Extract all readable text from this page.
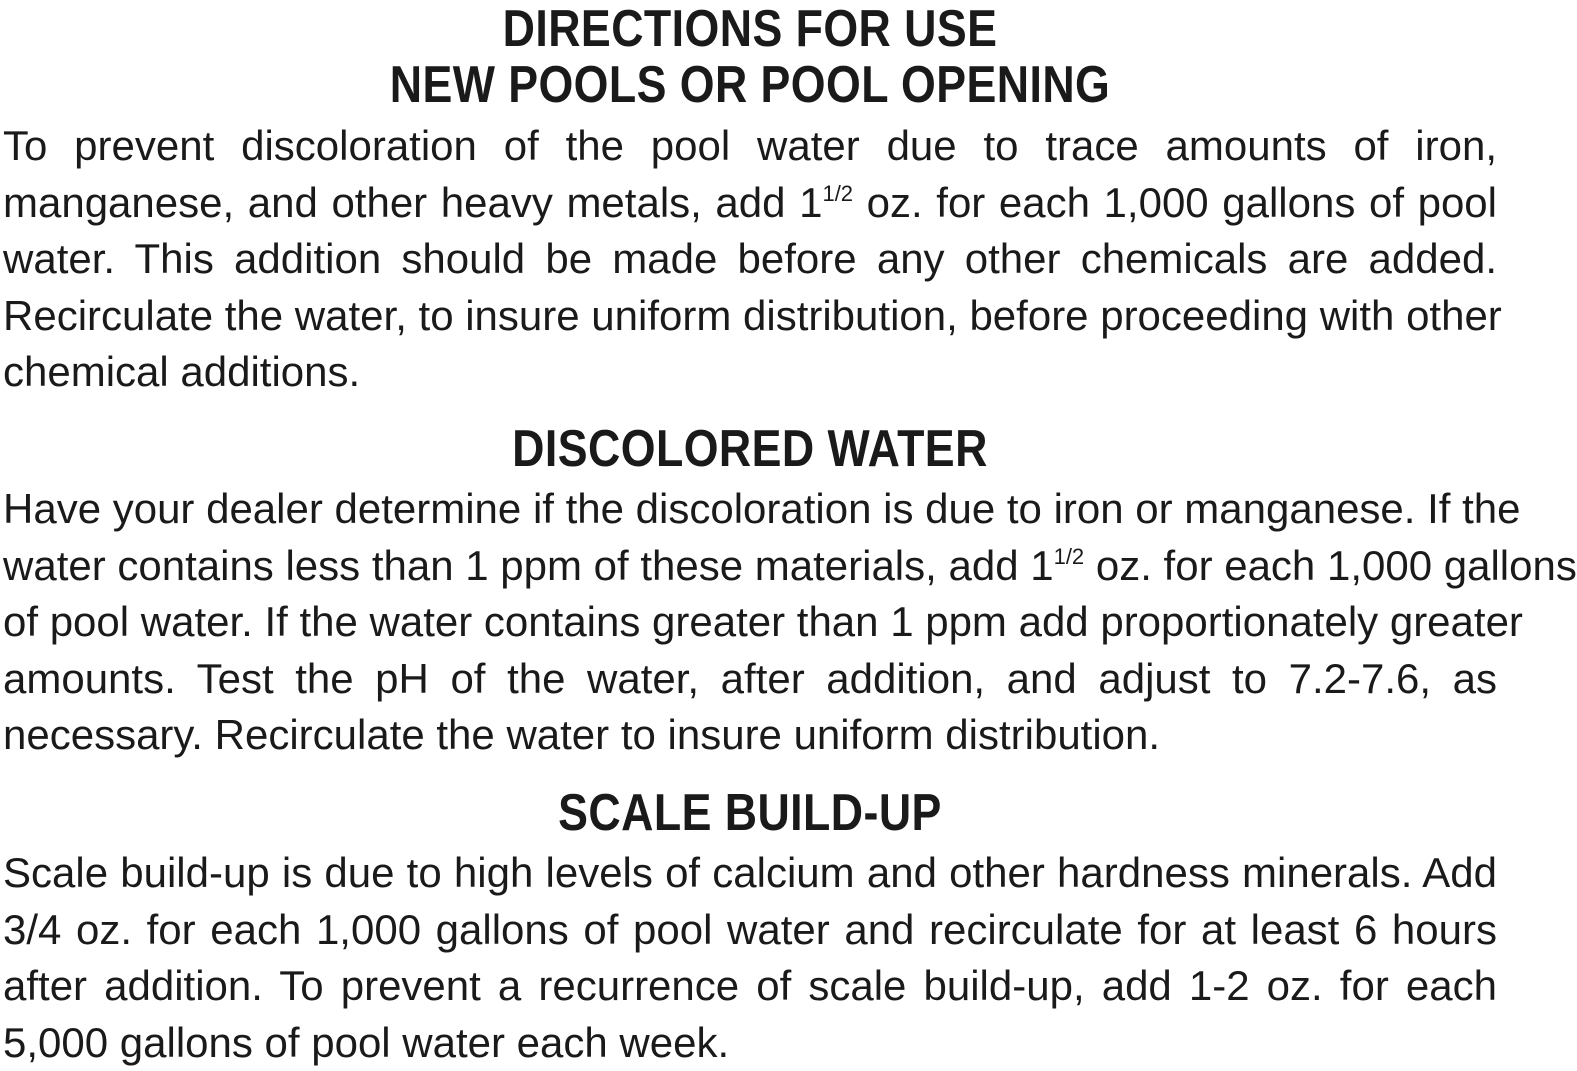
DIRECTIONS FOR USE
NEW POOLS OR POOL OPENING
To prevent discoloration of the pool water due to trace amounts of iron,
manganese, and other heavy metals, add $1^{1/2}$ oz. for each 1,000 gallons of pool
water. This addition should be made before any other chemicals are added.
Recirculate the water, to insure uniform distribution, before proceeding with other
chemical additions.
DISCOLORED WATER
Have your dealer determine if the discoloration is due to iron or manganese. If the
water contains less than 1 ppm of these materials, add $1^{1/2}$ oz. for each 1,000 gallons
of pool water. If the water contains greater than 1 ppm add proportionately greater
amounts. Test the pH of the water, after addition, and adjust to 7.2-7.6, as
necessary. Recirculate the water to insure uniform distribution.
SCALE BUILD-UP
Scale build-up is due to high levels of calcium and other hardness minerals. Add
3/4 oz. for each 1,000 gallons of pool water and recirculate for at least 6 hours
after addition. To prevent a recurrence of scale build-up, add 1-2 oz. for each
5,000 gallons of pool water each week.
